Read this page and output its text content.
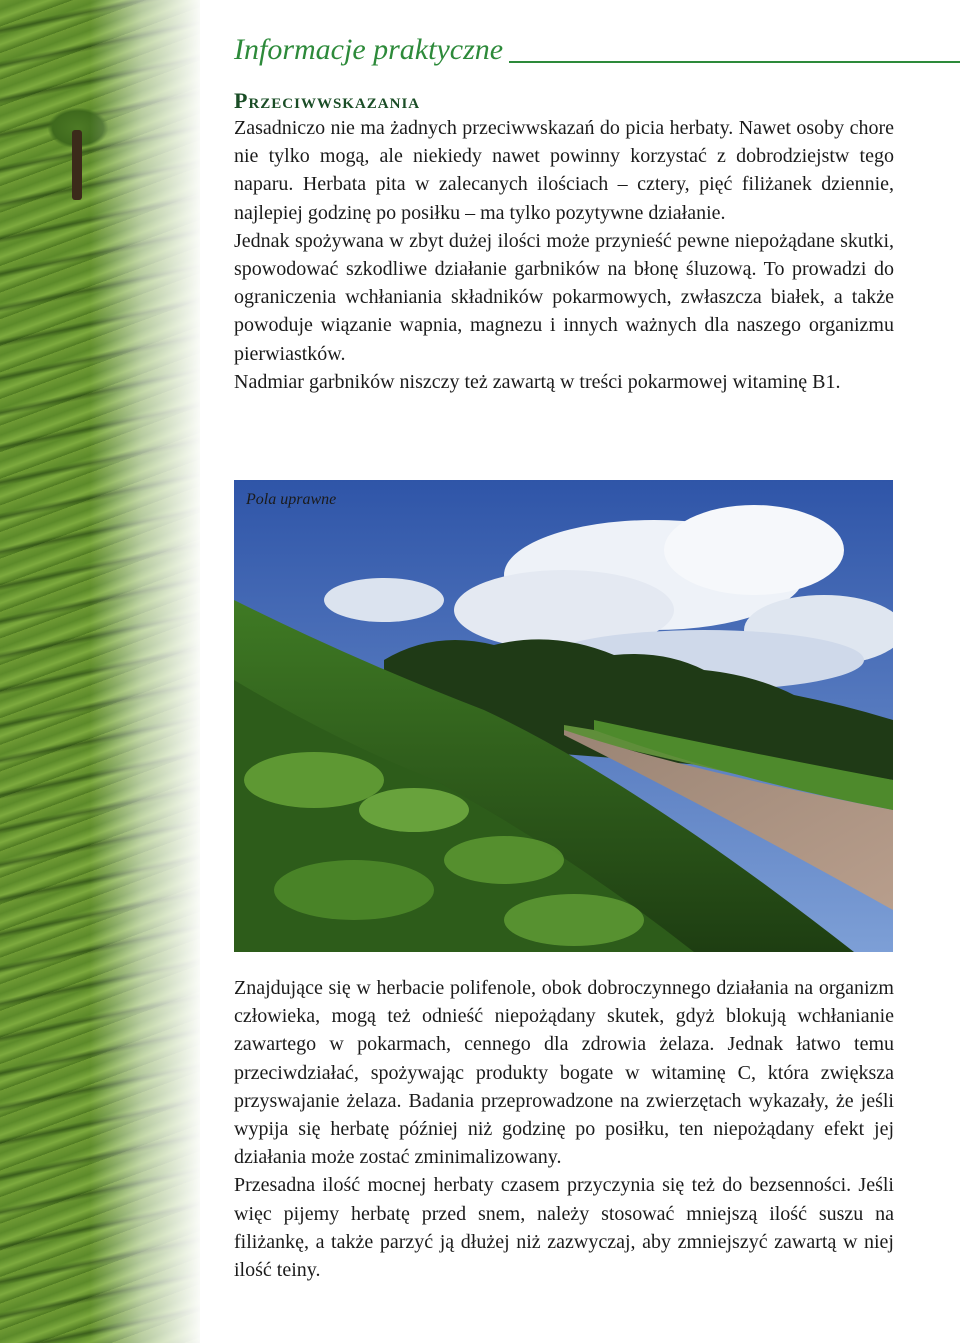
Informacje praktyczne
Przeciwwskazania

Zasadniczo nie ma żadnych przeciwwskazań do picia herbaty. Nawet osoby chore nie tylko mogą, ale niekiedy nawet powinny korzystać z dobrodziejstw tego naparu. Herbata pita w zalecanych ilościach – cztery, pięć filiżanek dziennie, najlepiej godzinę po posiłku – ma tylko pozytywne działanie.

Jednak spożywana w zbyt dużej ilości może przynieść pewne niepożądane skutki, spowodować szkodliwe działanie garbników na błonę śluzową. To prowadzi do ograniczenia wchłaniania składników pokarmowych, zwłaszcza białek, a także powoduje wiązanie wapnia, magnezu i innych ważnych dla naszego organizmu pierwiastków.

Nadmiar garbników niszczy też zawartą w treści pokarmowej witaminę B1.

Pola uprawne

Znajdujące się w herbacie polifenole, obok dobroczynnego działania na organizm człowieka, mogą też odnieść niepożądany skutek, gdyż blokują wchłanianie zawartego w pokarmach, cennego dla zdrowia żelaza. Jednak łatwo temu przeciwdziałać, spożywając produkty bogate w witaminę C, która zwiększa przyswajanie żelaza. Badania przeprowadzone na zwierzętach wykazały, że jeśli wypija się herbatę później niż godzinę po posiłku, ten niepożądany efekt jej działania może zostać zminimalizowany.

Przesadna ilość mocnej herbaty czasem przyczynia się też do bezsenności. Jeśli więc pijemy herbatę przed snem, należy stosować mniejszą ilość suszu na filiżankę, a także parzyć ją dłużej niż zazwyczaj, aby zmniejszyć zawartą w niej ilość teiny.
